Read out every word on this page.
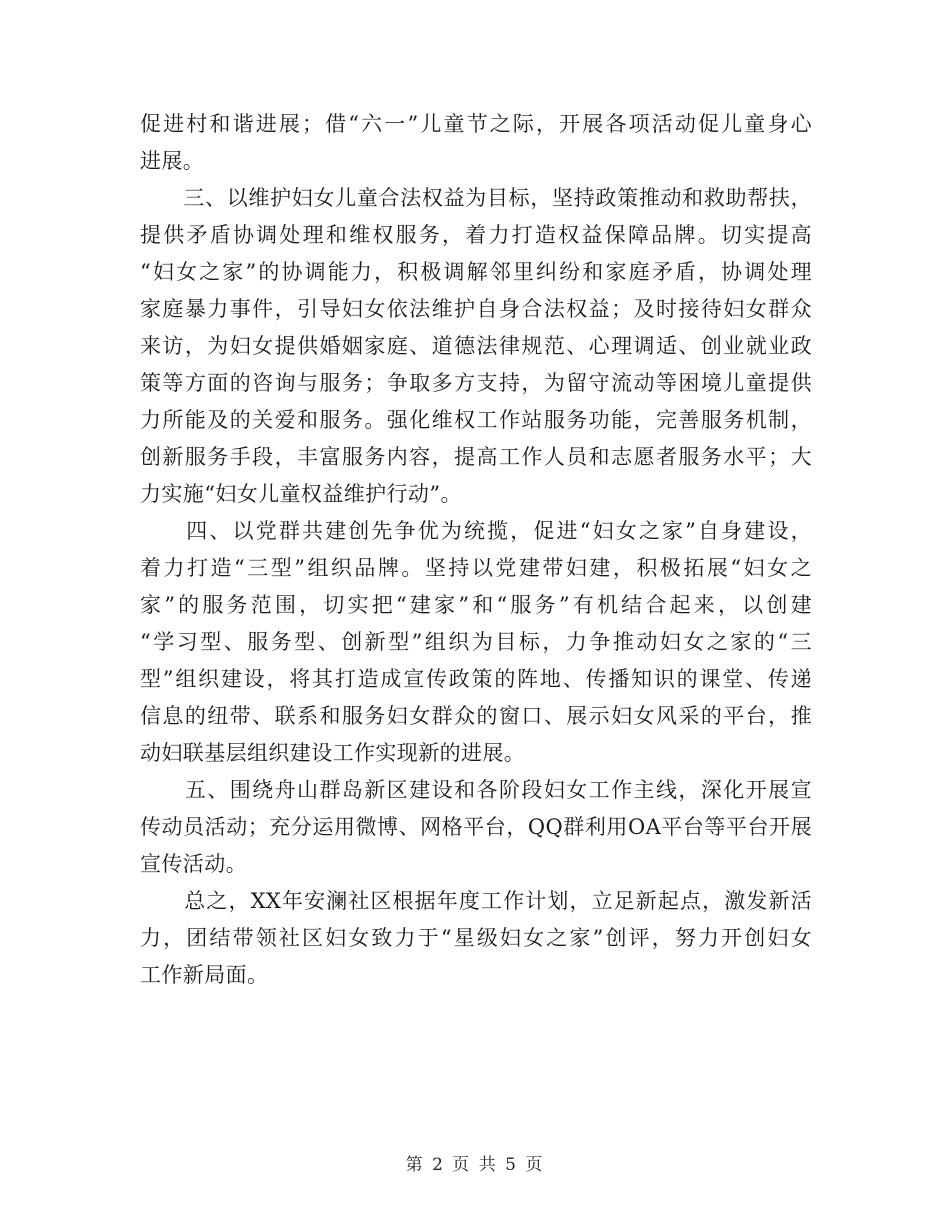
促进村和谐进展；借“六一”儿童节之际，开展各项活动促儿童身心
进展。
　　三、以维护妇女儿童合法权益为目标，坚持政策推动和救助帮扶，
提供矛盾协调处理和维权服务，着力打造权益保障品牌。切实提高
“妇女之家”的协调能力，积极调解邻里纠纷和家庭矛盾，协调处理
家庭暴力事件，引导妇女依法维护自身合法权益；及时接待妇女群众
来访，为妇女提供婚姻家庭、道德法律规范、心理调适、创业就业政
策等方面的咨询与服务；争取多方支持，为留守流动等困境儿童提供
力所能及的关爱和服务。强化维权工作站服务功能，完善服务机制，
创新服务手段，丰富服务内容，提高工作人员和志愿者服务水平；大
力实施“妇女儿童权益维护行动”。
　　四、以党群共建创先争优为统揽，促进“妇女之家”自身建设，
着力打造“三型”组织品牌。坚持以党建带妇建，积极拓展“妇女之
家”的服务范围，切实把“建家”和“服务”有机结合起来，以创建
“学习型、服务型、创新型”组织为目标，力争推动妇女之家的“三
型”组织建设，将其打造成宣传政策的阵地、传播知识的课堂、传递
信息的纽带、联系和服务妇女群众的窗口、展示妇女风采的平台，推
动妇联基层组织建设工作实现新的进展。
　　五、围绕舟山群岛新区建设和各阶段妇女工作主线，深化开展宣
传动员活动；充分运用微博、网格平台，QQ群利用OA平台等平台开展
宣传活动。
　　总之，XX年安澜社区根据年度工作计划，立足新起点，激发新活
力，团结带领社区妇女致力于“星级妇女之家”创评，努力开创妇女
工作新局面。
第 2 页 共 5 页
